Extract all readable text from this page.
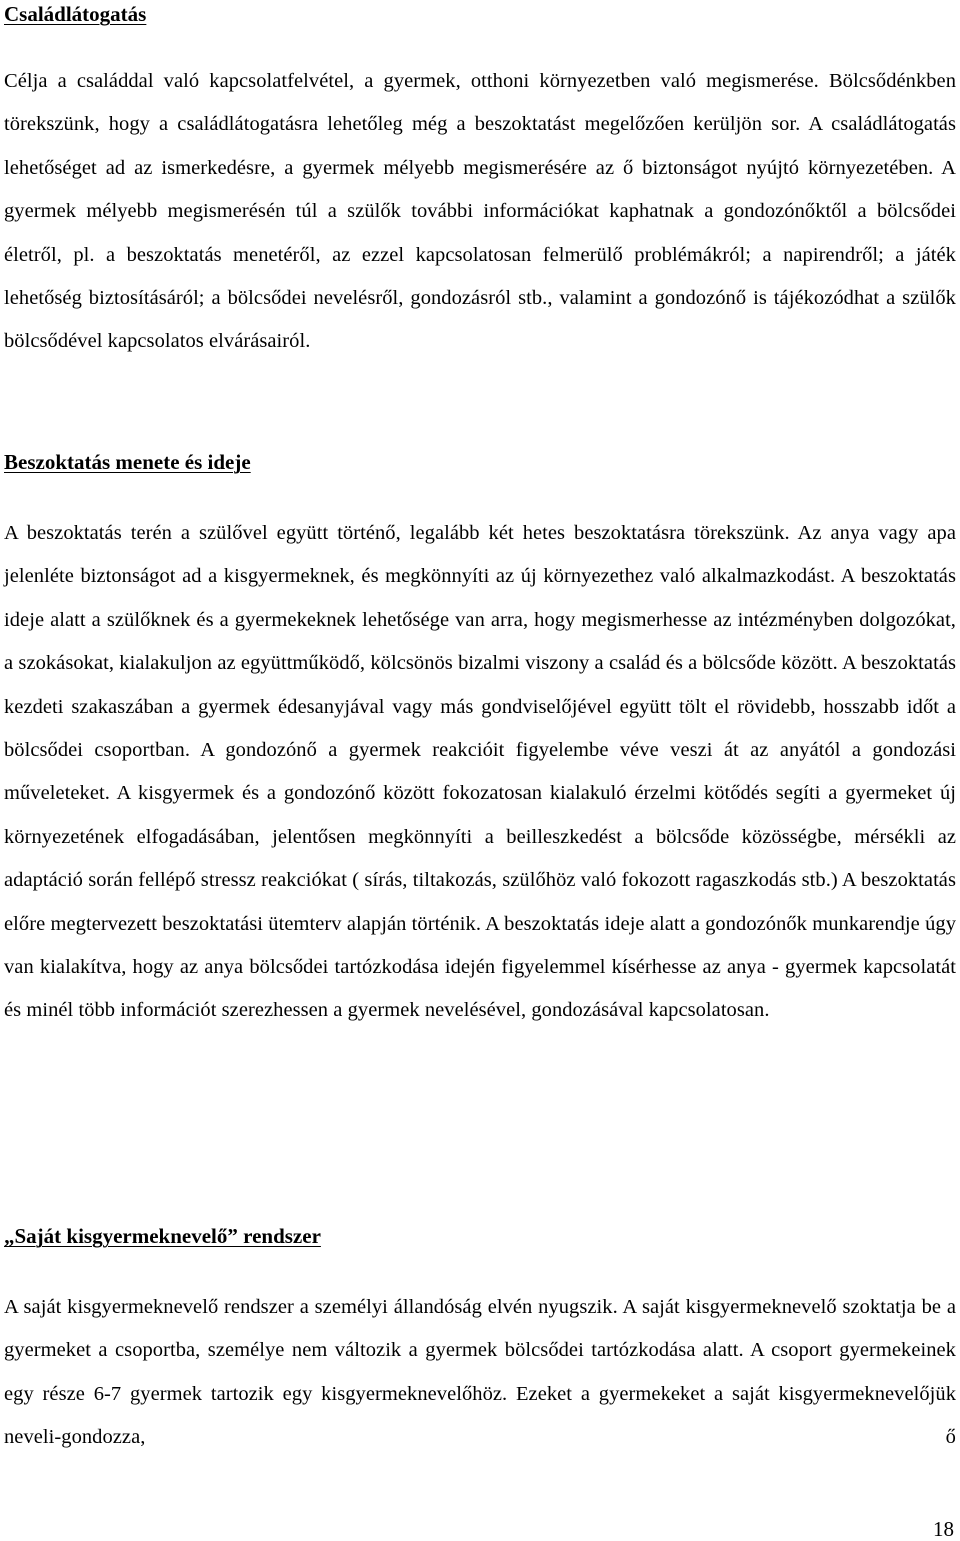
Családlátogatás

Célja a családdal való kapcsolatfelvétel, a gyermek, otthoni környezetben való megismerése. Bölcsődénkben törekszünk, hogy a családlátogatásra lehetőleg még a beszoktatást megelőzően kerüljön sor. A családlátogatás lehetőséget ad az ismerkedésre, a gyermek mélyebb megismerésére az ő biztonságot nyújtó környezetében. A gyermek mélyebb megismerésén túl a szülők további információkat kaphatnak a gondozónőktől a bölcsődei életről, pl. a beszoktatás menetéről, az ezzel kapcsolatosan felmerülő problémákról; a napirendről; a játék lehetőség biztosításáról; a bölcsődei nevelésről, gondozásról stb., valamint a gondozónő is tájékozódhat a szülők bölcsődével kapcsolatos elvárásairól.

Beszoktatás menete és ideje

A beszoktatás terén a szülővel együtt történő, legalább két hetes beszoktatásra törekszünk. Az anya vagy apa jelenléte biztonságot ad a kisgyermeknek, és megkönnyíti az új környezethez való alkalmazkodást. A beszoktatás ideje alatt a szülőknek és a gyermekeknek lehetősége van arra, hogy megismerhesse az intézményben dolgozókat, a szokásokat, kialakuljon az együttműködő, kölcsönös bizalmi viszony a család és a bölcsőde között. A beszoktatás kezdeti szakaszában a gyermek édesanyjával vagy más gondviselőjével együtt tölt el rövidebb, hosszabb időt a bölcsődei csoportban. A gondozónő a gyermek reakcióit figyelembe véve veszi át az anyától a gondozási műveleteket. A kisgyermek és a gondozónő között fokozatosan kialakuló érzelmi kötődés segíti a gyermeket új környezetének elfogadásában, jelentősen megkönnyíti a beilleszkedést a bölcsőde közösségbe, mérsékli az adaptáció során fellépő stressz reakciókat ( sírás, tiltakozás, szülőhöz való fokozott ragaszkodás stb.) A beszoktatás előre megtervezett beszoktatási ütemterv alapján történik. A beszoktatás ideje alatt a gondozónők munkarendje úgy van kialakítva, hogy az anya bölcsődei tartózkodása idején figyelemmel kísérhesse az anya - gyermek kapcsolatát és minél több információt szerezhessen a gyermek nevelésével, gondozásával kapcsolatosan.

„Saját kisgyermeknevelő” rendszer

A saját kisgyermeknevelő rendszer a személyi állandóság elvén nyugszik. A saját kisgyermeknevelő szoktatja be a gyermeket a csoportba, személye nem változik a gyermek bölcsődei tartózkodása alatt. A csoport gyermekeinek egy része 6-7 gyermek tartozik egy kisgyermeknevelőhöz. Ezeket a gyermekeket a saját kisgyermeknevelőjük neveli-gondozza, ő

18
